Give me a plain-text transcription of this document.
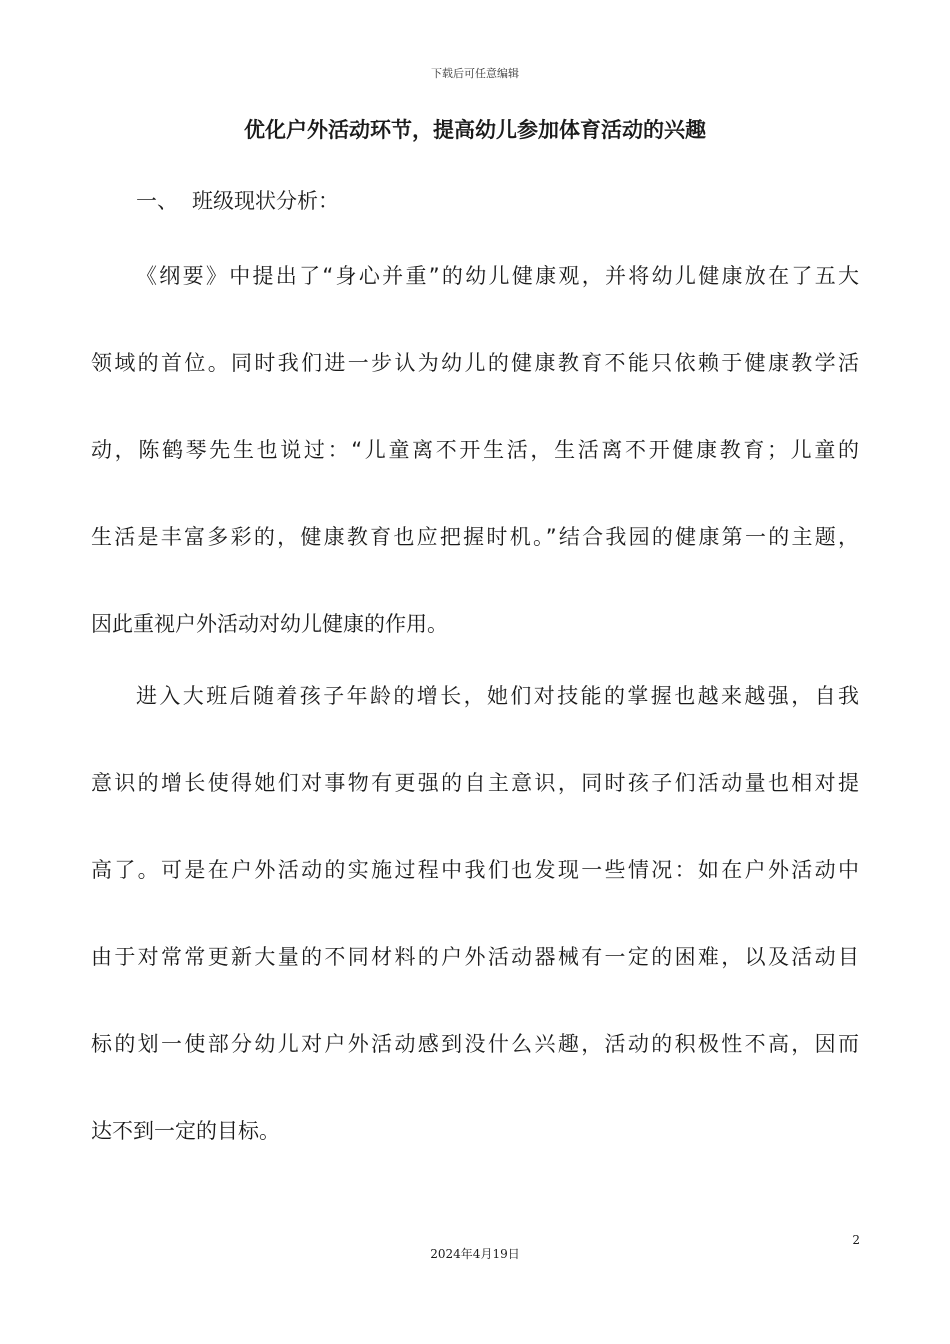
下载后可任意编辑
优化户外活动环节，提高幼儿参加体育活动的兴趣

一、 班级现状分析：

《纲要》中提出了“身心并重”的幼儿健康观，并将幼儿健康放在了五大

领域的首位。同时我们进一步认为幼儿的健康教育不能只依赖于健康教学活

动，陈鹤琴先生也说过：“儿童离不开生活，生活离不开健康教育；儿童的

生活是丰富多彩的，健康教育也应把握时机。”结合我园的健康第一的主题，

因此重视户外活动对幼儿健康的作用。

进入大班后随着孩子年龄的增长，她们对技能的掌握也越来越强，自我

意识的增长使得她们对事物有更强的自主意识，同时孩子们活动量也相对提

高了。可是在户外活动的实施过程中我们也发现一些情况：如在户外活动中

由于对常常更新大量的不同材料的户外活动器械有一定的困难，以及活动目

标的划一使部分幼儿对户外活动感到没什么兴趣，活动的积极性不高，因而

达不到一定的目标。

2
2024年4月19日
